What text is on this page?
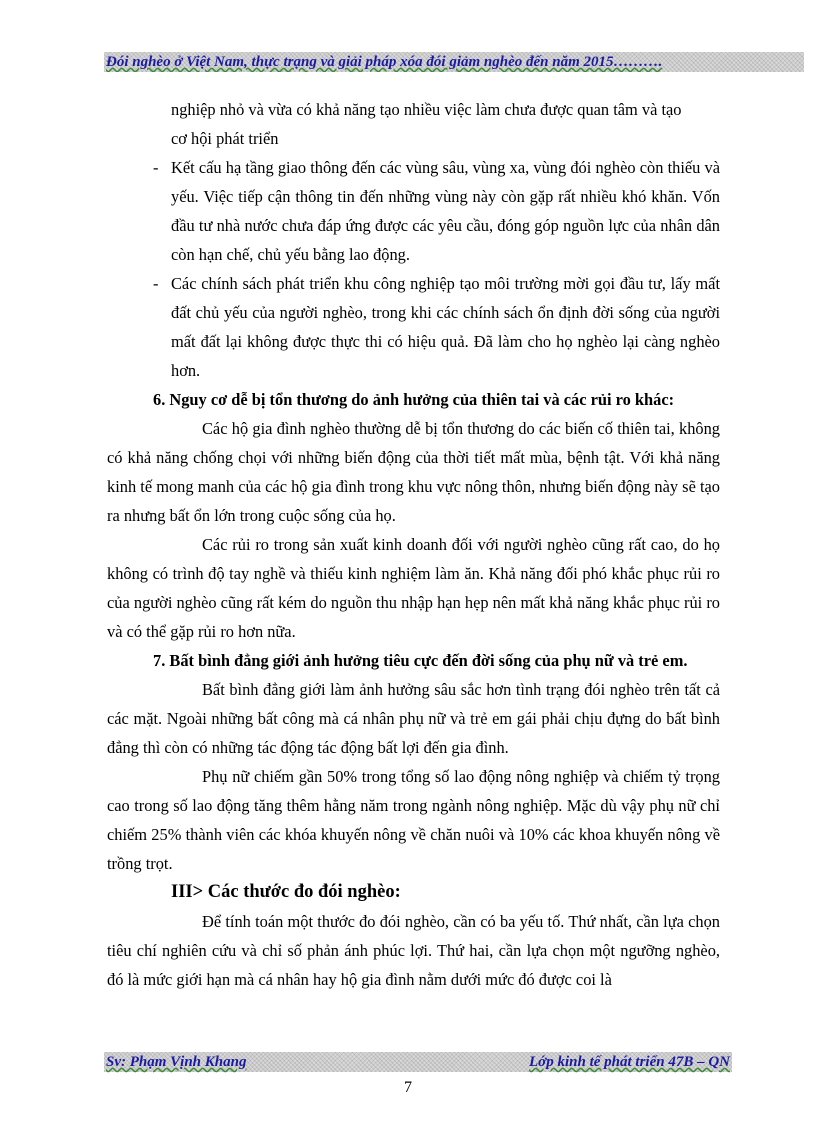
Đói nghèo ở Việt Nam, thực trạng và giải pháp xóa đói giảm nghèo đến năm 2015……….

nghiệp nhỏ và vừa có khả năng tạo nhiều việc làm chưa được quan tâm và tạo

cơ hội phát triển

- Kết cấu hạ tầng giao thông đến các vùng sâu, vùng xa, vùng đói nghèo còn thiếu và yếu. Việc tiếp cận thông tin đến những vùng này còn gặp rất nhiều khó khăn. Vốn đầu tư nhà nước chưa đáp ứng được các yêu cầu, đóng góp nguồn lực của nhân dân còn hạn chế, chủ yếu bằng lao động.

- Các chính sách phát triển khu công nghiệp tạo môi trường mời gọi đầu tư, lấy mất đất chủ yếu của người nghèo, trong khi các chính sách ổn định đời sống của người mất đất lại không được thực thi có hiệu quả. Đã làm cho họ nghèo lại càng nghèo hơn.

6. Nguy cơ dễ bị tổn thương do ảnh hưởng của thiên tai và các rủi ro khác:

Các hộ gia đình nghèo thường dễ bị tổn thương do các biến cố thiên tai, không có khả năng chống chọi với những biến động của thời tiết mất mùa, bệnh tật. Với khả năng kinh tế mong manh của các hộ gia đình trong khu vực nông thôn, nhưng biến động này sẽ tạo ra nhưng bất ổn lớn trong cuộc sống của họ.

Các rủi ro trong sản xuất kinh doanh đối với người nghèo cũng rất cao, do họ không có trình độ tay nghề và thiếu kinh nghiệm làm ăn. Khả năng đối phó khắc phục rủi ro của người nghèo cũng rất kém do nguồn thu nhập hạn hẹp nên mất khả năng khắc phục rủi ro và có thể gặp rủi ro hơn nữa.

7. Bất bình đẳng giới ảnh hưởng tiêu cực đến đời sống của phụ nữ và trẻ em.

Bất bình đẳng giới làm ảnh hưởng sâu sắc hơn tình trạng đói nghèo trên tất cả các mặt. Ngoài những bất công mà cá nhân phụ nữ và trẻ em gái phải chịu đựng do bất bình đẳng thì còn có những tác động tác động bất lợi đến gia đình.

Phụ nữ chiếm gần 50% trong tổng số lao động nông nghiệp và chiếm tỷ trọng cao trong số lao động tăng thêm hằng năm trong ngành nông nghiệp. Mặc dù vậy phụ nữ chỉ chiếm 25% thành viên các khóa khuyến nông về chăn nuôi và 10% các khoa khuyến nông về trồng trọt.

III> Các thước đo đói nghèo:

Để tính toán một thước đo đói nghèo, cần có ba yếu tố. Thứ nhất, cần lựa chọn tiêu chí nghiên cứu và chỉ số phản ánh phúc lợi. Thứ hai, cần lựa chọn một ngưỡng nghèo, đó là mức giới hạn mà cá nhân hay hộ gia đình nằm dưới mức đó được coi là

Sv: Phạm Vịnh Khang	Lớp kinh tế phát triển 47B – QN
7
